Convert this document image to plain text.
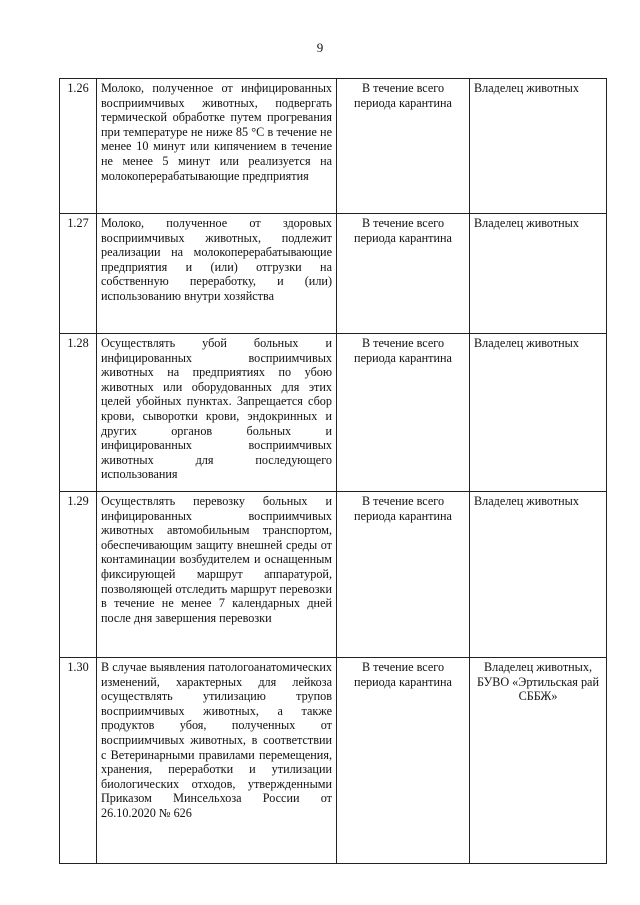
9
1.26	Молоко, полученное от инфицированных восприимчивых животных, подвергать термической обработке путем прогревания при температуре не ниже 85 °С в течение не менее 10 минут или кипячением в течение не менее 5 минут или реализуется на молокоперерабатывающие предприятия	В течение всего периода карантина	Владелец животных
1.27	Молоко, полученное от здоровых восприимчивых животных, подлежит реализации на молокоперерабатывающие предприятия и (или) отгрузки на собственную переработку, и (или) использованию внутри хозяйства	В течение всего периода карантина	Владелец животных
1.28	Осуществлять убой больных и инфицированных восприимчивых животных на предприятиях по убою животных или оборудованных для этих целей убойных пунктах. Запрещается сбор крови, сыворотки крови, эндокринных и других органов больных и инфицированных восприимчивых животных для последующего использования	В течение всего периода карантина	Владелец животных
1.29	Осуществлять перевозку больных и инфицированных восприимчивых животных автомобильным транспортом, обеспечивающим защиту внешней среды от контаминации возбудителем и оснащенным фиксирующей маршрут аппаратурой, позволяющей отследить маршрут перевозки в течение не менее 7 календарных дней после дня завершения перевозки	В течение всего периода карантина	Владелец животных
1.30	В случае выявления патологоанатомических изменений, характерных для лейкоза осуществлять утилизацию трупов восприимчивых животных, а также продуктов убоя, полученных от восприимчивых животных, в соответствии с Ветеринарными правилами перемещения, хранения, переработки и утилизации биологических отходов, утвержденными Приказом Минсельхоза России от 26.10.2020 № 626	В течение всего периода карантина	Владелец животных, БУВО «Эртильская рай СББЖ»
